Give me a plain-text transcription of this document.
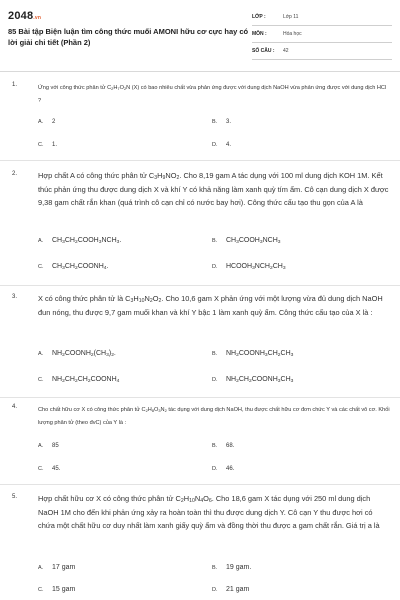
2048.vn
85 Bài tập Biện luận tìm công thức muối AMONI hữu cơ cực hay có lời giải chi tiết (Phần 2)
LỚP :	Lớp 11
MÔN :	Hóa học
SỐ CÂU : 42
1.	Ứng với công thức phân tử $C_2H_7O_2N$ (X) có bao nhiêu chất vừa phản ứng được với dung dịch NaOH vừa phản ứng được với dung dịch HCl ?
A. 2	B. 3.
C. 1.	D. 4.
2.	Hợp chất A có công thức phân tử $C_3H_9NO_2$. Cho 8,19 gam A tác dụng với 100 ml dung dịch KOH 1M. Kết thúc phản ứng thu được dung dịch X và khí Y có khả năng làm xanh quỳ tím ẩm. Cô cạn dung dịch X được 9,38 gam chất rắn khan (quá trình cô cạn chỉ có nước bay hơi). Công thức cấu tạo thu gọn của A là
A. $CH_3CH_2COOH_3NCH_3$.	B. $CH_3COOH_3NCH_3$
C. $CH_3CH_2COONH_4$.	D. $HCOOH_3NCH_2CH_3$
3.	X có công thức phân tử là $C_3H_{10}N_2O_2$. Cho 10,6 gam X phản ứng với một lượng vừa đủ dung dịch NaOH đun nóng, thu được 9,7 gam muối khan và khí Y bậc 1 làm xanh quỳ ẩm. Công thức cấu tạo của X là :
A. $NH_2COONH_2(CH_3)_2$.	B. $NH_2COONH_3CH_2CH_3$
C. $NH_2CH_2CH_2COONH_4$	D. $NH_2CH_2COONH_3CH_3$
4.	Cho chất hữu cơ X có công thức phân tử $C_2H_8O_3N_2$ tác dụng với dung dịch NaOH, thu được chất hữu cơ đơn chức Y và các chất vô cơ. Khối lượng phân tử (theo đvC) của Y là :
A. 85	B. 68.
C. 45.	D. 46.
5.	Hợp chất hữu cơ X có công thức phân tử $C_2H_{10}N_4O_6$. Cho 18,6 gam X tác dụng với 250 ml dung dịch NaOH 1M cho đến khi phản ứng xảy ra hoàn toàn thì thu được dung dịch Y. Cô cạn Y thu được hơi có chứa một chất hữu cơ duy nhất làm xanh giấy quỳ ẩm và đồng thời thu được a gam chất rắn. Giá trị a là
A. 17 gam	B. 19 gam.
C. 15 gam	D. 21 gam
